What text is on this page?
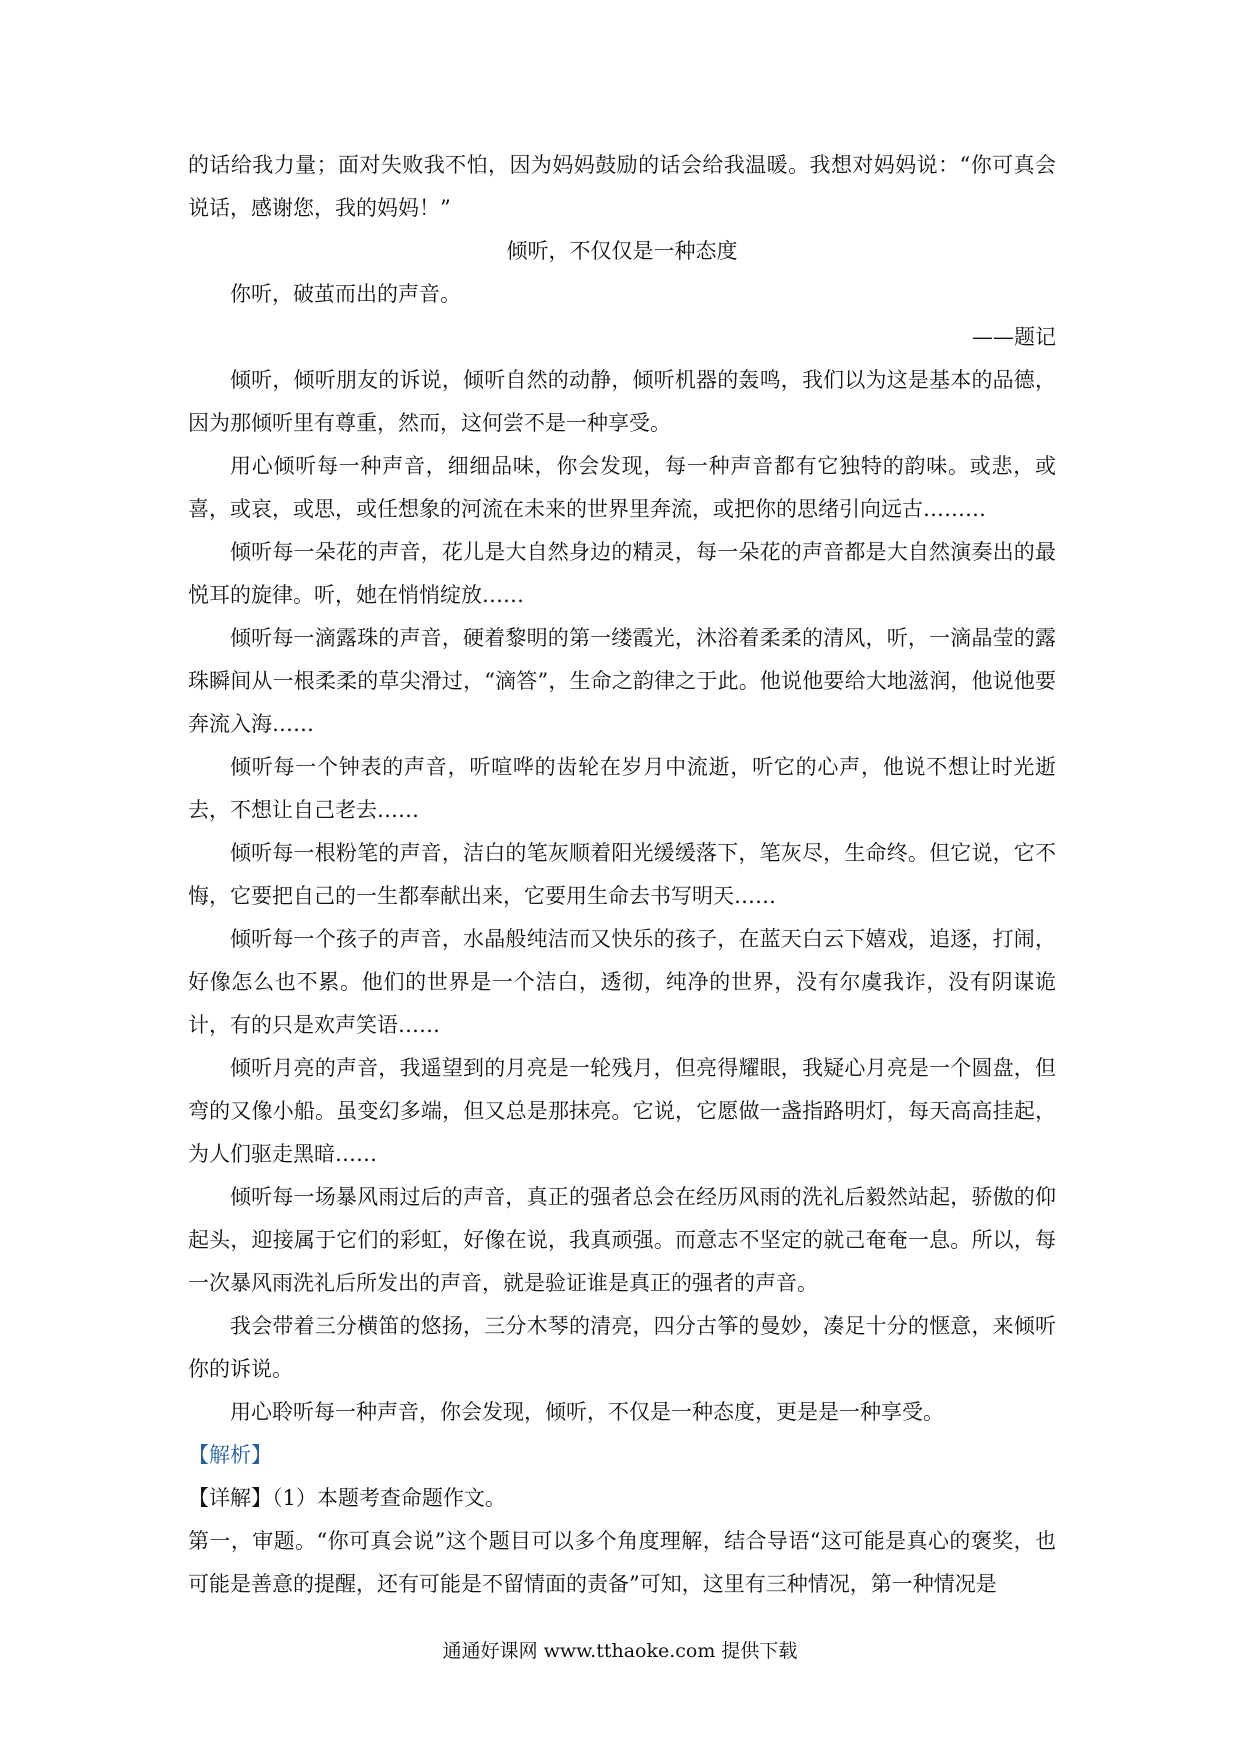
的话给我力量；面对失败我不怕，因为妈妈鼓励的话会给我温暖。我想对妈妈说：“你可真会说话，感谢您，我的妈妈！”

倾听，不仅仅是一种态度

你听，破茧而出的声音。

——题记

倾听，倾听朋友的诉说，倾听自然的动静，倾听机器的轰鸣，我们以为这是基本的品德，因为那倾听里有尊重，然而，这何尝不是一种享受。

用心倾听每一种声音，细细品味，你会发现，每一种声音都有它独特的韵味。或悲，或喜，或哀，或思，或任想象的河流在未来的世界里奔流，或把你的思绪引向远古………

倾听每一朵花的声音，花儿是大自然身边的精灵，每一朵花的声音都是大自然演奏出的最悦耳的旋律。听，她在悄悄绽放……

倾听每一滴露珠的声音，硬着黎明的第一缕霞光，沐浴着柔柔的清风，听，一滴晶莹的露珠瞬间从一根柔柔的草尖滑过，“滴答”，生命之韵律之于此。他说他要给大地滋润，他说他要奔流入海……

倾听每一个钟表的声音，听喧哗的齿轮在岁月中流逝，听它的心声，他说不想让时光逝去，不想让自己老去……

倾听每一根粉笔的声音，洁白的笔灰顺着阳光缓缓落下，笔灰尽，生命终。但它说，它不悔，它要把自己的一生都奉献出来，它要用生命去书写明天……

倾听每一个孩子的声音，水晶般纯洁而又快乐的孩子，在蓝天白云下嬉戏，追逐，打闹，好像怎么也不累。他们的世界是一个洁白，透彻，纯净的世界，没有尔虞我诈，没有阴谋诡计，有的只是欢声笑语……

倾听月亮的声音，我遥望到的月亮是一轮残月，但亮得耀眼，我疑心月亮是一个圆盘，但弯的又像小船。虽变幻多端，但又总是那抹亮。它说，它愿做一盏指路明灯，每天高高挂起，为人们驱走黑暗……

倾听每一场暴风雨过后的声音，真正的强者总会在经历风雨的洗礼后毅然站起，骄傲的仰起头，迎接属于它们的彩虹，好像在说，我真顽强。而意志不坚定的就己奄奄一息。所以，每一次暴风雨洗礼后所发出的声音，就是验证谁是真正的强者的声音。

我会带着三分横笛的悠扬，三分木琴的清亮，四分古筝的曼妙，凑足十分的惬意，来倾听你的诉说。

用心聆听每一种声音，你会发现，倾听，不仅是一种态度，更是是一种享受。

【解析】

【详解】（1）本题考查命题作文。

第一，审题。“你可真会说”这个题目可以多个角度理解，结合导语“这可能是真心的褒奖，也可能是善意的提醒，还有可能是不留情面的责备”可知，这里有三种情况，第一种情况是

通通好课网 www.tthaoke.com 提供下载
